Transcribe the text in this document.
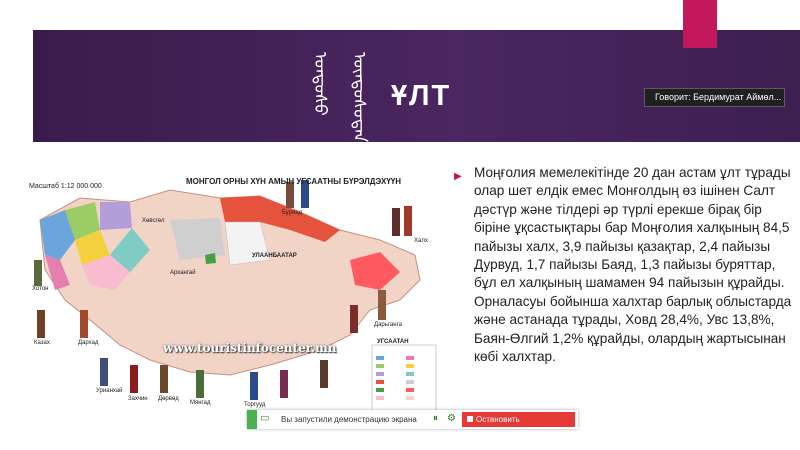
ᠤᠨᠳᠤᠰᠤ ᠦᠨᠳᠦᠰᠦᠲᠡᠨ ҰЛТ	Говорит: Бердимурат Аймөл...
Масштаб 1:12 000 000
МОНГОЛ ОРНЫ ХҮН АМЫН УГСААТНЫ БҮРЭЛДЭХҮҮН
www.touristinfocenter.mn	УГСААТАН
Хотон
Казах	Дархад
Урианхай
Захчин Дөрвөд
Мянгад	Торгууд
Буряад
Халх
Дарьганга
УЛААНБААТАР
Хөвсгөл
Архангай
▶ Моңғолия мемелекітінде 20 дан астам ұлт тұрады олар шет елдік емес Монғолдың өз ішінен Салт дәстүр және тілдері әр түрлі ерекше бірақ бір біріне ұқсастықтары бар Моңғолия халқының 84,5 пайызы халх, 3,9 пайызы қазақтар, 2,4 пайызы Дурвуд, 1,7 пайызы Баяд, 1,3 пайызы буряттар, бұл ел халқының шамамен 94 пайызын құрайды. Орналасуы бойынша халхтар барлық облыстарда және астанада тұрады, Ховд 28,4%, Увс 13,8%, Баян-Өлгий 1,2% құрайды, олардың жартысынан көбі халхтар.
▭	Вы запустили демонстрацию экрана ⏸ ⚙	Остановить демонстрацию
